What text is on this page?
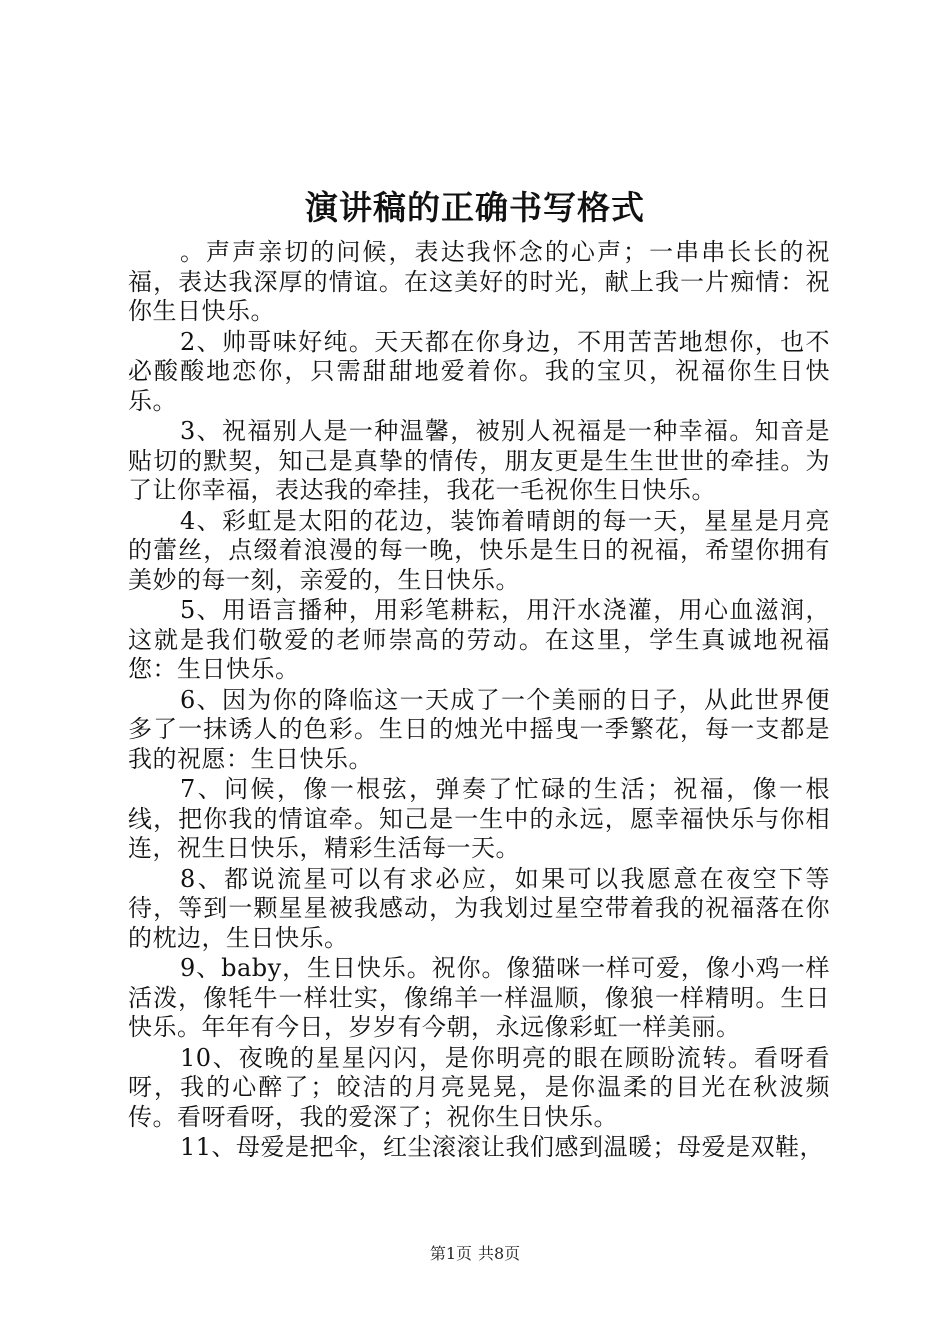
演讲稿的正确书写格式

。声声亲切的问候，表达我怀念的心声；一串串长长的祝福，表达我深厚的情谊。在这美好的时光，献上我一片痴情：祝你生日快乐。

2、帅哥味好纯。天天都在你身边，不用苦苦地想你，也不必酸酸地恋你，只需甜甜地爱着你。我的宝贝，祝福你生日快乐。

3、祝福别人是一种温馨，被别人祝福是一种幸福。知音是贴切的默契，知己是真挚的情传，朋友更是生生世世的牵挂。为了让你幸福，表达我的牵挂，我花一毛祝你生日快乐。

4、彩虹是太阳的花边，装饰着晴朗的每一天，星星是月亮的蕾丝，点缀着浪漫的每一晚，快乐是生日的祝福，希望你拥有美妙的每一刻，亲爱的，生日快乐。

5、用语言播种，用彩笔耕耘，用汗水浇灌，用心血滋润，这就是我们敬爱的老师崇高的劳动。在这里，学生真诚地祝福您：生日快乐。

6、因为你的降临这一天成了一个美丽的日子，从此世界便多了一抹诱人的色彩。生日的烛光中摇曳一季繁花，每一支都是我的祝愿：生日快乐。

7、问候，像一根弦，弹奏了忙碌的生活；祝福，像一根线，把你我的情谊牵。知己是一生中的永远，愿幸福快乐与你相连，祝生日快乐，精彩生活每一天。

8、都说流星可以有求必应，如果可以我愿意在夜空下等待，等到一颗星星被我感动，为我划过星空带着我的祝福落在你的枕边，生日快乐。

9、baby，生日快乐。祝你。像猫咪一样可爱，像小鸡一样活泼，像牦牛一样壮实，像绵羊一样温顺，像狼一样精明。生日快乐。年年有今日，岁岁有今朝，永远像彩虹一样美丽。

10、夜晚的星星闪闪，是你明亮的眼在顾盼流转。看呀看呀，我的心醉了；皎洁的月亮晃晃，是你温柔的目光在秋波频传。看呀看呀，我的爱深了；祝你生日快乐。

11、母爱是把伞，红尘滚滚让我们感到温暖；母爱是双鞋，

第1页 共8页
